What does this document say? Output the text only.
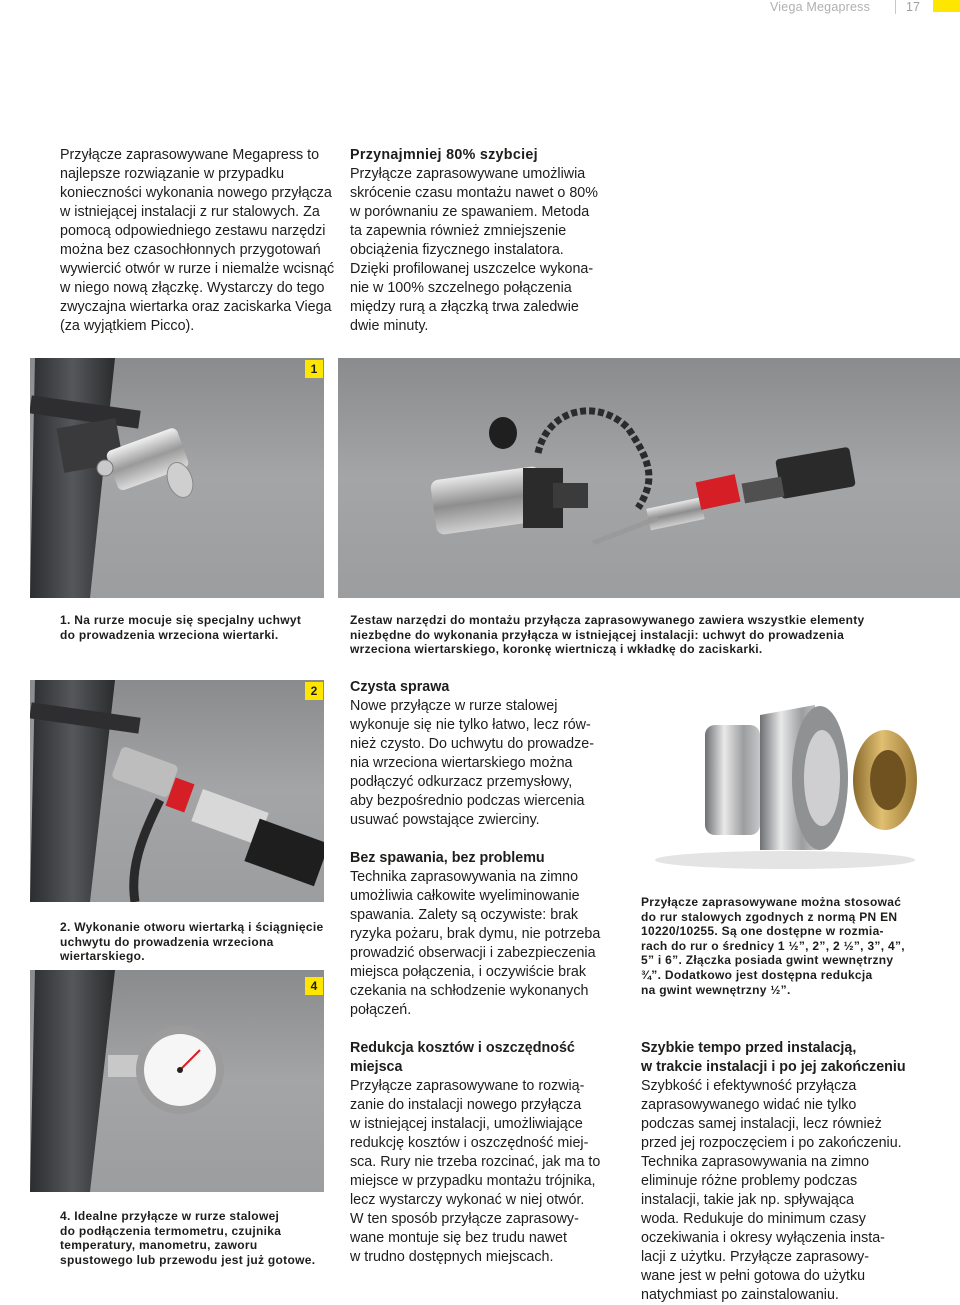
Viega Megapress	17
Przyłącze zaprasowywane Megapress to
najlepsze rozwiązanie w przypadku
konieczności wykonania nowego przyłącza
w istniejącej instalacji z rur stalowych. Za
pomocą odpowiedniego zestawu narzędzi
można bez czasochłonnych przygotowań
wywiercić otwór w rurze i niemalże wcisnąć
w niego nową złączkę. Wystarczy do tego
zwyczajna wiertarka oraz zaciskarka Viega
(za wyjątkiem Picco).
Przynajmniej 80% szybciej
Przyłącze zaprasowywane umożliwia
skrócenie czasu montażu nawet o 80%
w porównaniu ze spawaniem. Metoda
ta zapewnia również zmniejszenie
obciążenia fizycznego instalatora.
Dzięki profilowanej uszczelce wykona-
nie w 100% szczelnego połączenia
między rurą a złączką trwa zaledwie
dwie minuty.
1
1. Na rurze mocuje się specjalny uchwyt
do prowadzenia wrzeciona wiertarki.
Zestaw narzędzi do montażu przyłącza zaprasowywanego zawiera wszystkie elementy
niezbędne do wykonania przyłącza w istniejącej instalacji: uchwyt do prowadzenia
wrzeciona wiertarskiego, koronkę wiertniczą i wkładkę do zaciskarki.
2
2. Wykonanie otworu wiertarką i ściągnięcie
uchwytu do prowadzenia wrzeciona
wiertarskiego.
Czysta sprawa
Nowe przyłącze w rurze stalowej
wykonuje się nie tylko łatwo, lecz rów-
nież czysto. Do uchwytu do prowadze-
nia wrzeciona wiertarskiego można
podłączyć odkurzacz przemysłowy,
aby bezpośrednio podczas wiercenia
usuwać powstające zwierciny.
Bez spawania, bez problemu
Technika zaprasowywania na zimno
umożliwia całkowite wyeliminowanie
spawania. Zalety są oczywiste: brak
ryzyka pożaru, brak dymu, nie potrzeba
prowadzić obserwacji i zabezpieczenia
miejsca połączenia, i oczywiście brak
czekania na schłodzenie wykonanych
połączeń.
Przyłącze zaprasowywane można stosować
do rur stalowych zgodnych z normą PN EN
10220/10255. Są one dostępne w rozmia-
rach do rur o średnicy 1 ½”, 2”, 2 ½”, 3”, 4”,
5” i 6”. Złączka posiada gwint wewnętrzny
¾”. Dodatkowo jest dostępna redukcja
na gwint wewnętrzny ½”.
4
4. Idealne przyłącze w rurze stalowej
do podłączenia termometru, czujnika
temperatury, manometru, zaworu
spustowego lub przewodu jest już gotowe.
Redukcja kosztów i oszczędność
miejsca
Przyłącze zaprasowywane to rozwią-
zanie do instalacji nowego przyłącza
w istniejącej instalacji, umożliwiające
redukcję kosztów i oszczędność miej-
sca. Rury nie trzeba rozcinać, jak ma to
miejsce w przypadku montażu trójnika,
lecz wystarczy wykonać w niej otwór.
W ten sposób przyłącze zaprasowy-
wane montuje się bez trudu nawet
w trudno dostępnych miejscach.
Szybkie tempo przed instalacją,
w trakcie instalacji i po jej zakończeniu
Szybkość i efektywność przyłącza
zaprasowywanego widać nie tylko
podczas samej instalacji, lecz również
przed jej rozpoczęciem i po zakończeniu.
Technika zaprasowywania na zimno
eliminuje różne problemy podczas
instalacji, takie jak np. spływająca
woda. Redukuje do minimum czasy
oczekiwania i okresy wyłączenia insta-
lacji z użytku. Przyłącze zaprasowy-
wane jest w pełni gotowa do użytku
natychmiast po zainstalowaniu.
